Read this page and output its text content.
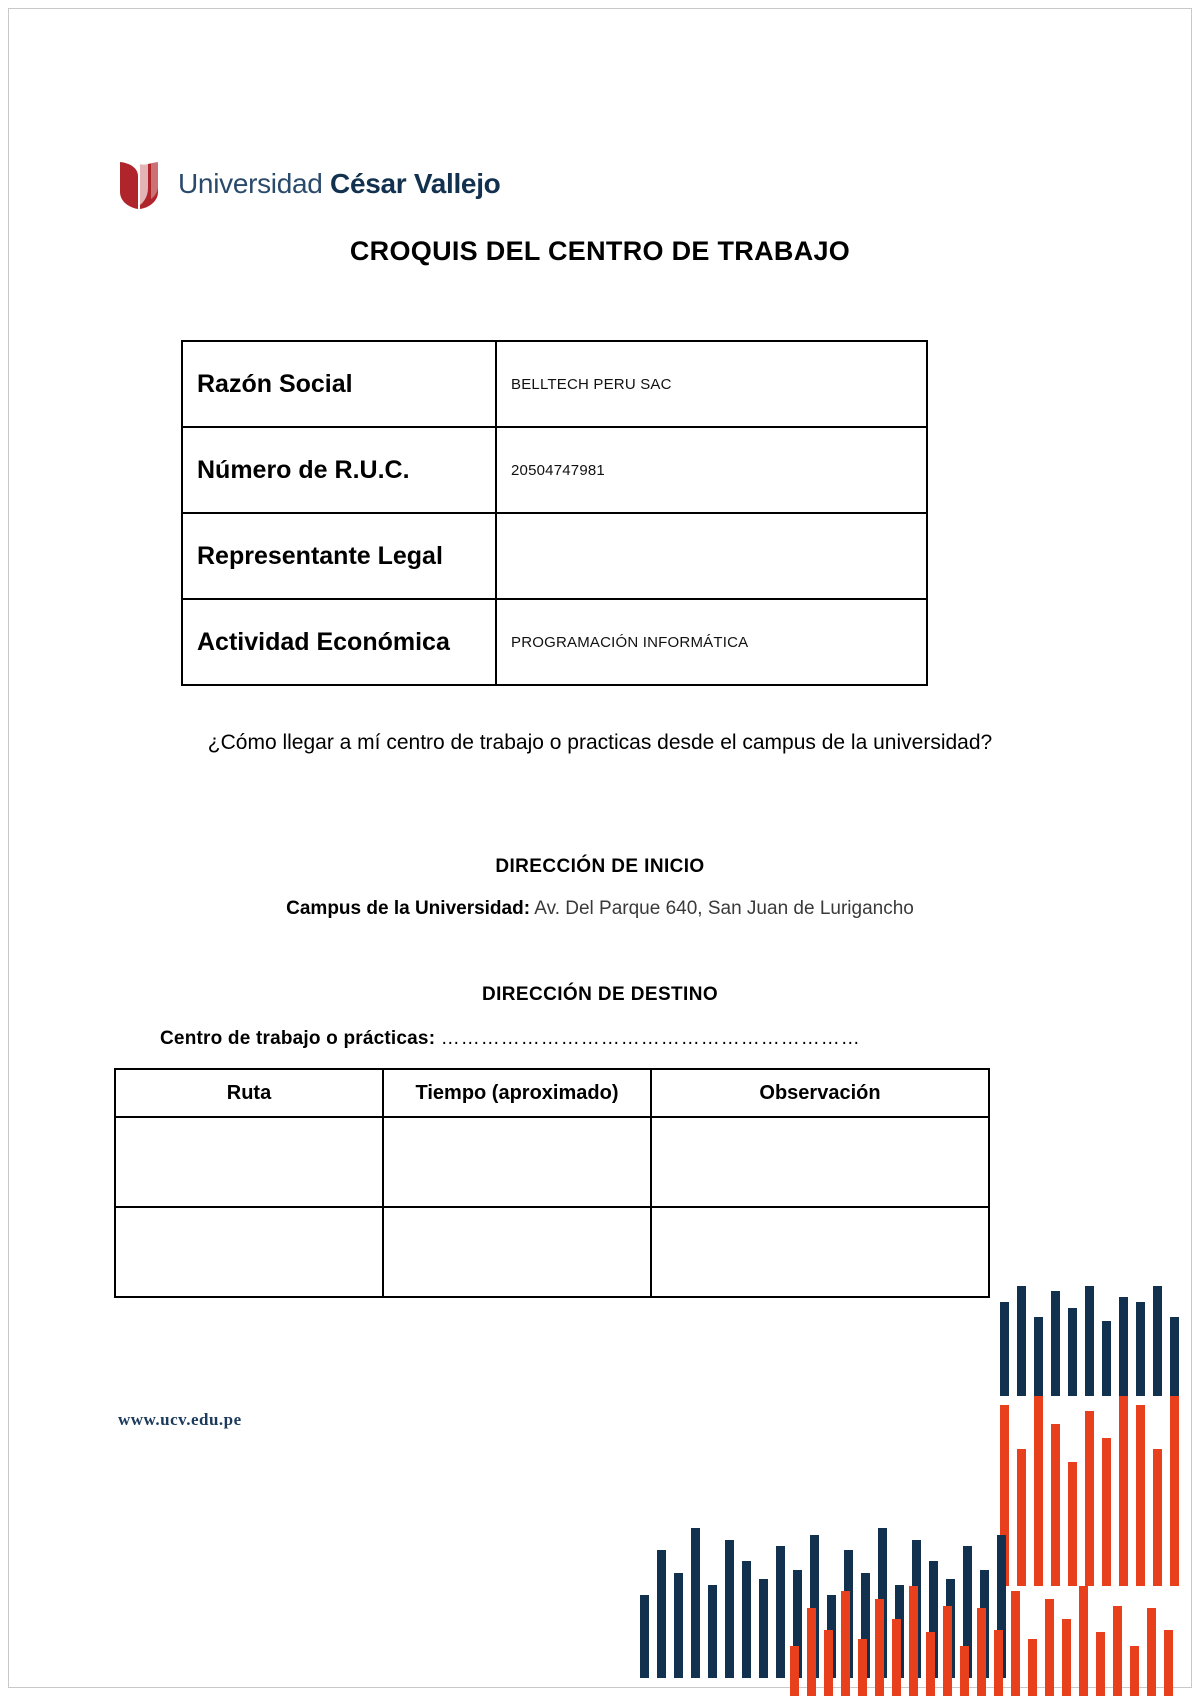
Universidad César Vallejo
CROQUIS DEL CENTRO DE TRABAJO
Razón Social	BELLTECH PERU SAC
Número de R.U.C.	20504747981
Representante Legal	
Actividad Económica	PROGRAMACIÓN INFORMÁTICA
¿Cómo llegar a mí centro de trabajo o practicas desde el campus de la universidad?
DIRECCIÓN DE INICIO
Campus de la Universidad: Av. Del Parque 640, San Juan de Lurigancho
DIRECCIÓN DE DESTINO
Centro de trabajo o prácticas: ………………………………………………………
Ruta	Tiempo (aproximado)	Observación

www.ucv.edu.pe
